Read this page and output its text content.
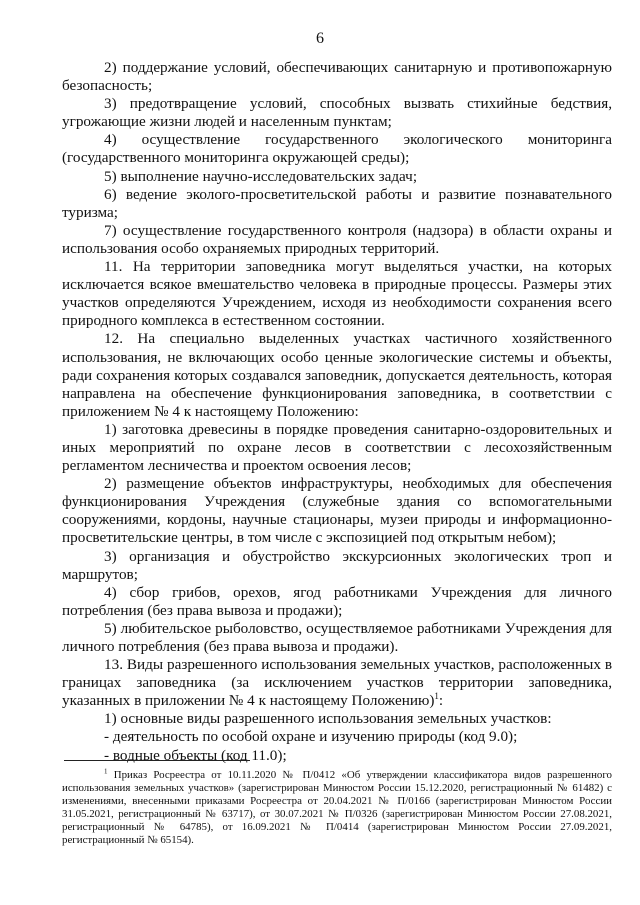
6

2) поддержание условий, обеспечивающих санитарную и противопожарную безопасность;

3) предотвращение условий, способных вызвать стихийные бедствия, угрожающие жизни людей и населенным пунктам;

4) осуществление государственного экологического мониторинга (государственного мониторинга окружающей среды);

5) выполнение научно-исследовательских задач;

6) ведение эколого-просветительской работы и развитие познавательного туризма;

7) осуществление государственного контроля (надзора) в области охраны и использования особо охраняемых природных территорий.

11. На территории заповедника могут выделяться участки, на которых исключается всякое вмешательство человека в природные процессы. Размеры этих участков определяются Учреждением, исходя из необходимости сохранения всего природного комплекса в естественном состоянии.

12. На специально выделенных участках частичного хозяйственного использования, не включающих особо ценные экологические системы и объекты, ради сохранения которых создавался заповедник, допускается деятельность, которая направлена на обеспечение функционирования заповедника, в соответствии с приложением № 4 к настоящему Положению:

1) заготовка древесины в порядке проведения санитарно-оздоровительных и иных мероприятий по охране лесов в соответствии с лесохозяйственным регламентом лесничества и проектом освоения лесов;

2) размещение объектов инфраструктуры, необходимых для обеспечения функционирования Учреждения (служебные здания со вспомогательными сооружениями, кордоны, научные стационары, музеи природы и информационно-просветительские центры, в том числе с экспозицией под открытым небом);

3) организация и обустройство экскурсионных экологических троп и маршрутов;

4) сбор грибов, орехов, ягод работниками Учреждения для личного потребления (без права вывоза и продажи);

5) любительское рыболовство, осуществляемое работниками Учреждения для личного потребления (без права вывоза и продажи).

13. Виды разрешенного использования земельных участков, расположенных в границах заповедника (за исключением участков территории заповедника, указанных в приложении № 4 к настоящему Положению)$^1$:

1) основные виды разрешенного использования земельных участков:

- деятельность по особой охране и изучению природы (код 9.0);

- водные объекты (код 11.0);

$^1$ Приказ Росреестра от 10.11.2020 № П/0412 «Об утверждении классификатора видов разрешенного использования земельных участков» (зарегистрирован Минюстом России 15.12.2020, регистрационный № 61482) с изменениями, внесенными приказами Росреестра от 20.04.2021 № П/0166 (зарегистрирован Минюстом России 31.05.2021, регистрационный № 63717), от 30.07.2021 № П/0326 (зарегистрирован Минюстом России 27.08.2021, регистрационный № 64785), от 16.09.2021 № П/0414 (зарегистрирован Минюстом России 27.09.2021, регистрационный № 65154).
